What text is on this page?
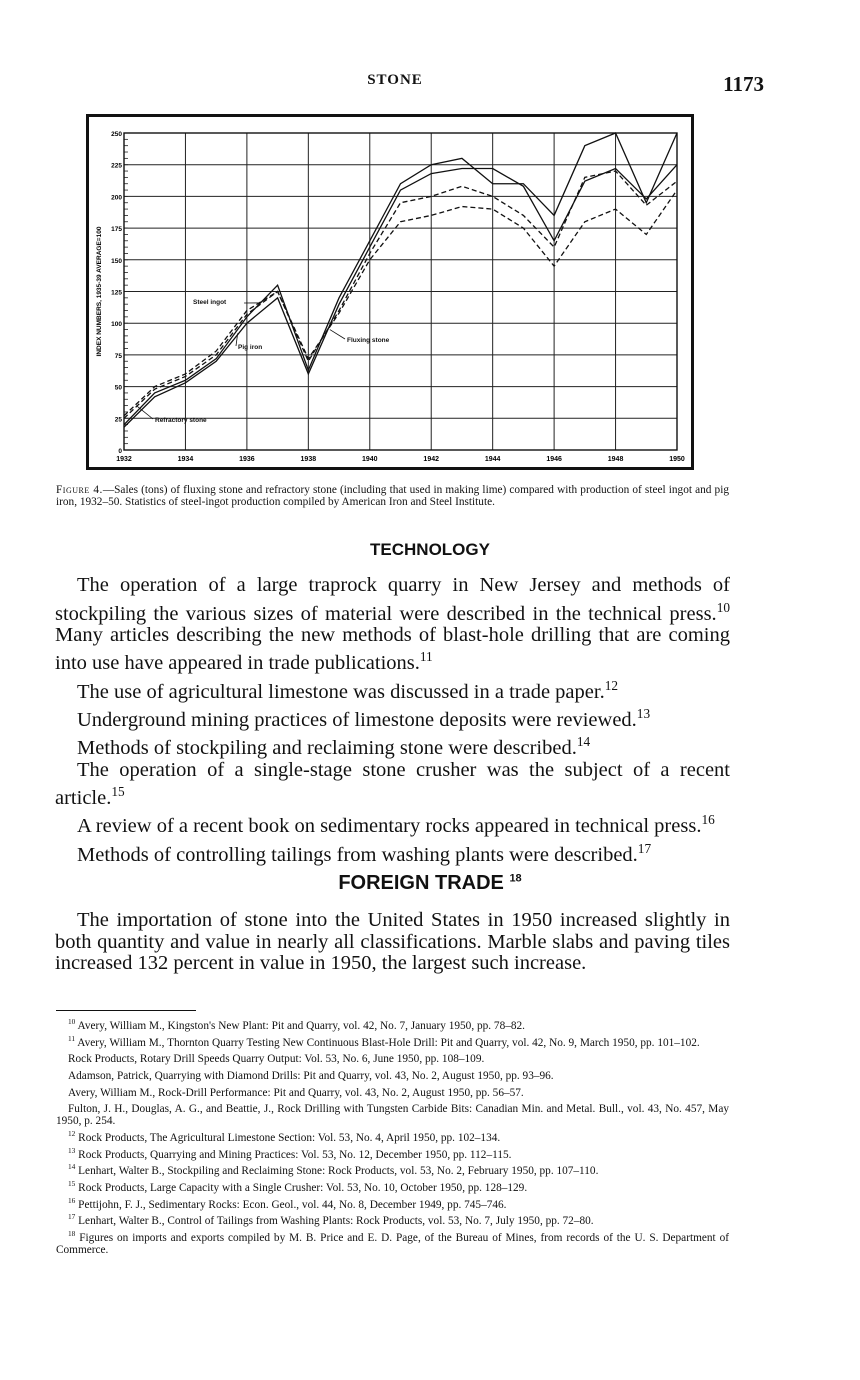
STONE	1173
1932	1934	1936	1938	1940	1942	1944	1946	1948	1950
0
25
50
75
100
125
150
175
200
225
250
INDEX NUMBERS, 1935-39 AVERAGE=100	Steel ingot
Pig iron
Fluxing stone
Refractory stone
Figure 4.—Sales (tons) of fluxing stone and refractory stone (including that used in making lime) compared with production of steel ingot and pig iron, 1932–50. Statistics of steel-ingot production compiled by American Iron and Steel Institute.
TECHNOLOGY

The operation of a large traprock quarry in New Jersey and methods of stockpiling the various sizes of material were described in the technical press.$^{10}$ Many articles describing the new methods of blast-hole drilling that are coming into use have appeared in trade publications.$^{11}$

The use of agricultural limestone was discussed in a trade paper.$^{12}$

Underground mining practices of limestone deposits were reviewed.$^{13}$

Methods of stockpiling and reclaiming stone were described.$^{14}$

The operation of a single-stage stone crusher was the subject of a recent article.$^{15}$

A review of a recent book on sedimentary rocks appeared in technical press.$^{16}$

Methods of controlling tailings from washing plants were described.$^{17}$

FOREIGN TRADE $^{18}$

The importation of stone into the United States in 1950 increased slightly in both quantity and value in nearly all classifications. Marble slabs and paving tiles increased 132 percent in value in 1950, the largest such increase.

$^{10}$ Avery, William M., Kingston's New Plant: Pit and Quarry, vol. 42, No. 7, January 1950, pp. 78–82.

$^{11}$ Avery, William M., Thornton Quarry Testing New Continuous Blast-Hole Drill: Pit and Quarry, vol. 42, No. 9, March 1950, pp. 101–102.

Rock Products, Rotary Drill Speeds Quarry Output: Vol. 53, No. 6, June 1950, pp. 108–109.

Adamson, Patrick, Quarrying with Diamond Drills: Pit and Quarry, vol. 43, No. 2, August 1950, pp. 93–96.

Avery, William M., Rock-Drill Performance: Pit and Quarry, vol. 43, No. 2, August 1950, pp. 56–57.

Fulton, J. H., Douglas, A. G., and Beattie, J., Rock Drilling with Tungsten Carbide Bits: Canadian Min. and Metal. Bull., vol. 43, No. 457, May 1950, p. 254.

$^{12}$ Rock Products, The Agricultural Limestone Section: Vol. 53, No. 4, April 1950, pp. 102–134.

$^{13}$ Rock Products, Quarrying and Mining Practices: Vol. 53, No. 12, December 1950, pp. 112–115.

$^{14}$ Lenhart, Walter B., Stockpiling and Reclaiming Stone: Rock Products, vol. 53, No. 2, February 1950, pp. 107–110.

$^{15}$ Rock Products, Large Capacity with a Single Crusher: Vol. 53, No. 10, October 1950, pp. 128–129.

$^{16}$ Pettijohn, F. J., Sedimentary Rocks: Econ. Geol., vol. 44, No. 8, December 1949, pp. 745–746.

$^{17}$ Lenhart, Walter B., Control of Tailings from Washing Plants: Rock Products, vol. 53, No. 7, July 1950, pp. 72–80.

$^{18}$ Figures on imports and exports compiled by M. B. Price and E. D. Page, of the Bureau of Mines, from records of the U. S. Department of Commerce.
